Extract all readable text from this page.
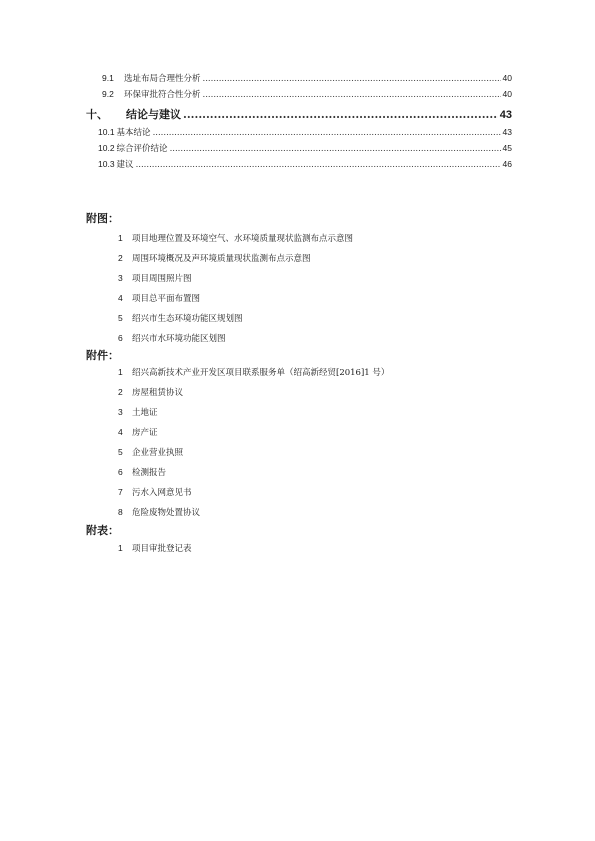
9.1	选址布局合理性分析 .....	40
9.2	环保审批符合性分析 .....	40
十、	结论与建议 .....	43
10.1 基本结论 .....	43
10.2 综合评价结论 .....	45
10.3 建议 .....	46
附图：
1 项目地理位置及环境空气、水环境质量现状监测布点示意图
2 周围环境概况及声环境质量现状监测布点示意图
3 项目周围照片图
4 项目总平面布置图
5 绍兴市生态环境功能区规划图
6 绍兴市水环境功能区划图
附件：
1 绍兴高新技术产业开发区项目联系服务单（绍高新经贸[2016]1 号）
2 房屋租赁协议
3 土地证
4 房产证
5 企业营业执照
6 检测报告
7 污水入网意见书
8 危险废物处置协议
附表：
1 项目审批登记表
